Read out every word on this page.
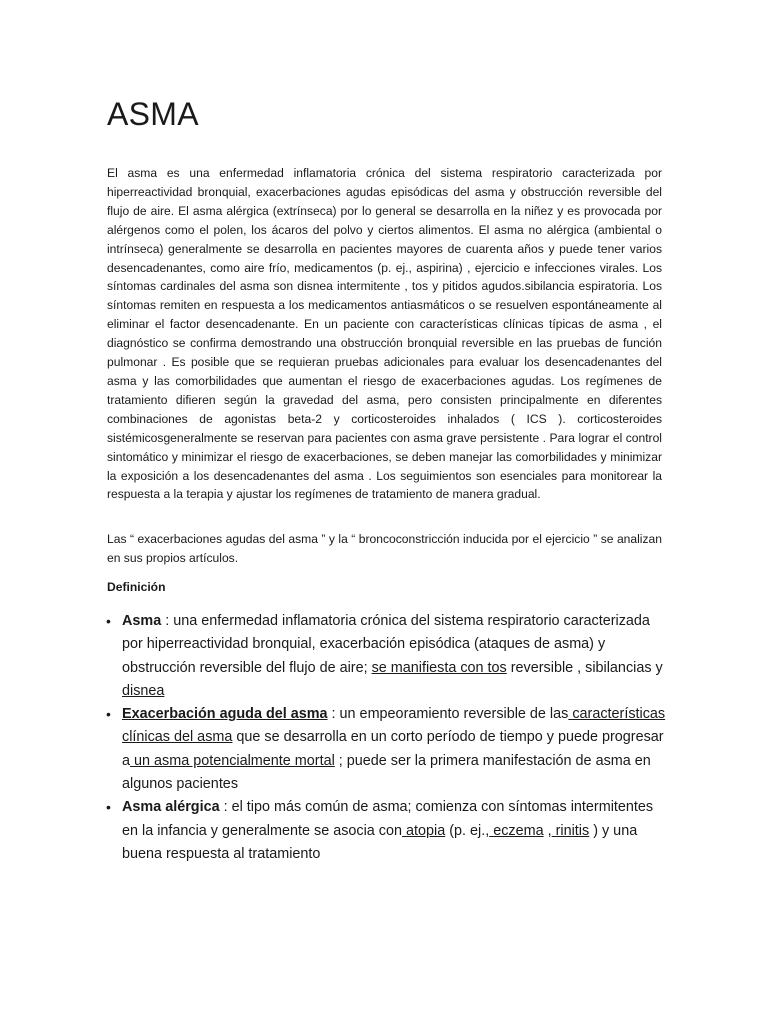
ASMA

El asma es una enfermedad inflamatoria crónica del sistema respiratorio caracterizada por hiperreactividad bronquial, exacerbaciones agudas episódicas del asma y obstrucción reversible del flujo de aire. El asma alérgica (extrínseca) por lo general se desarrolla en la niñez y es provocada por alérgenos como el polen, los ácaros del polvo y ciertos alimentos. El asma no alérgica (ambiental o intrínseca) generalmente se desarrolla en pacientes mayores de cuarenta años y puede tener varios desencadenantes, como aire frío, medicamentos (p. ej., aspirina) , ejercicio e infecciones virales. Los síntomas cardinales del asma son disnea intermitente , tos y pitidos agudos.sibilancia espiratoria. Los síntomas remiten en respuesta a los medicamentos antiasmáticos o se resuelven espontáneamente al eliminar el factor desencadenante. En un paciente con características clínicas típicas de asma , el diagnóstico se confirma demostrando una obstrucción bronquial reversible en las pruebas de función pulmonar . Es posible que se requieran pruebas adicionales para evaluar los desencadenantes del asma y las comorbilidades que aumentan el riesgo de exacerbaciones agudas. Los regímenes de tratamiento difieren según la gravedad del asma, pero consisten principalmente en diferentes combinaciones de agonistas beta-2 y corticosteroides inhalados ( ICS ). corticosteroides sistémicosgeneralmente se reservan para pacientes con asma grave persistente . Para lograr el control sintomático y minimizar el riesgo de exacerbaciones, se deben manejar las comorbilidades y minimizar la exposición a los desencadenantes del asma . Los seguimientos son esenciales para monitorear la respuesta a la terapia y ajustar los regímenes de tratamiento de manera gradual.

Las “ exacerbaciones agudas del asma ” y la “ broncoconstricción inducida por el ejercicio ” se analizan en sus propios artículos.

Definición
• Asma : una enfermedad inflamatoria crónica del sistema respiratorio caracterizada por hiperreactividad bronquial, exacerbación episódica (ataques de asma) y obstrucción reversible del flujo de aire; se manifiesta con tos reversible , sibilancias y disnea
• Exacerbación aguda del asma : un empeoramiento reversible de las características clínicas del asma que se desarrolla en un corto período de tiempo y puede progresar a un asma potencialmente mortal ; puede ser la primera manifestación de asma en algunos pacientes
• Asma alérgica : el tipo más común de asma; comienza con síntomas intermitentes en la infancia y generalmente se asocia con atopia (p. ej., eczema , rinitis ) y una buena respuesta al tratamiento
